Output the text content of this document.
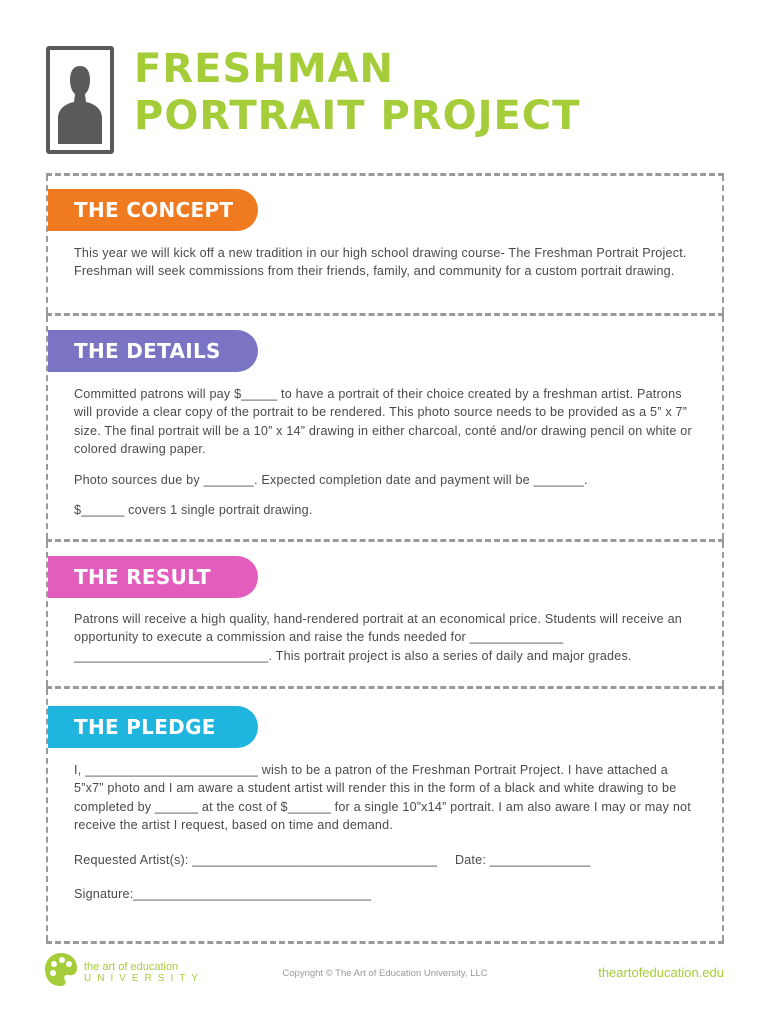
FRESHMAN
PORTRAIT PROJECT
THE CONCEPT

This year we will kick off a new tradition in our high school drawing course- The Freshman Portrait Project. Freshman will seek commissions from their friends, family, and community for a custom portrait drawing.

THE DETAILS

Committed patrons will pay $_____ to have a portrait of their choice created by a freshman artist. Patrons will provide a clear copy of the portrait to be rendered. This photo source needs to be provided as a 5” x 7” size. The final portrait will be a 10” x 14” drawing in either charcoal, conté and/or drawing pencil on white or colored drawing paper.

Photo sources due by _______. Expected completion date and payment will be _______.

$______ covers 1 single portrait drawing.

THE RESULT

Patrons will receive a high quality, hand-rendered portrait at an economical price. Students will receive an opportunity to execute a commission and raise the funds needed for _____________ ___________________________. This portrait project is also a series of daily and major grades.

THE PLEDGE

I, ________________________ wish to be a patron of the Freshman Portrait Project. I have attached a 5”x7” photo and I am aware a student artist will render this in the form of a black and white drawing to be completed by ______ at the cost of $______ for a single 10”x14” portrait. I am also aware I may or may not receive the artist I request, based on time and demand.

Requested Artist(s): __________________________________ Date: ______________

Signature:_________________________________

the art of education
UNIVERSITY	Copyright © The Art of Education University, LLC	theartofeducation.edu
